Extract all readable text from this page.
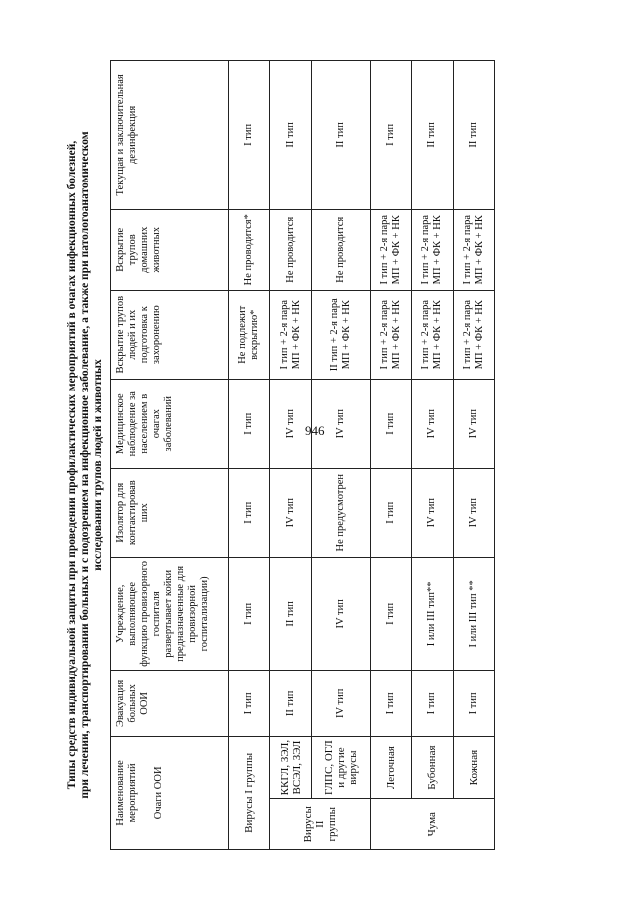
946
Типы средств индивидуальной защиты при проведении профилактических мероприятий в очагах инфекционных болезней, при лечении, транспортировании больных и с подозрением на инфекционное заболевание, а также при патологоанатомическом исследовании трупов людей и животных
Наименование мероприятий Очаги ООИ		Эвакуация больных ООИ	Учреждение, выполняющее функцию провизорного госпиталя развертывает койки предназначенные для провизорной госпитализации)	Изолятор для контактировав ших	Медицинское наблюдение за населением в очагах заболеваний	Вскрытие трупов людей и их подготовка к захоронению	Вскрытие трупов домашних животных	Текущая и заключительная дезинфекция
Вирусы I группы		I тип	I тип	I тип	I тип	Не подлежит вскрытию*	Не проводится*	I тип
Вирусы II группы	ККГЛ, ЗЭЛ, ВСЭЛ, ЗЭЛ	II тип	II тип	IV тип	IV тип	I тип + 2-я пара МП + ФК + НК	Не проводится	II тип
	ГЛПС, ОГЛ и другие вирусы	IV тип	IV тип	Не предусмотрен	IV тип	II тип + 2-я пара МП + ФК + НК	Не проводится	II тип
Чума	Легочная	I тип	I тип	I тип	I тип	I тип + 2-я пара МП + ФК + НК	I тип + 2-я пара МП + ФК + НК	I тип
	Бубонная	I тип	I или III тип**	IV тип	IV тип	I тип + 2-я пара МП + ФК + НК	I тип + 2-я пара МП + ФК + НК	II тип
	Кожная	I тип	I или III тип **	IV тип	IV тип	I тип + 2-я пара МП + ФК + НК	I тип + 2-я пара МП + ФК + НК	II тип
